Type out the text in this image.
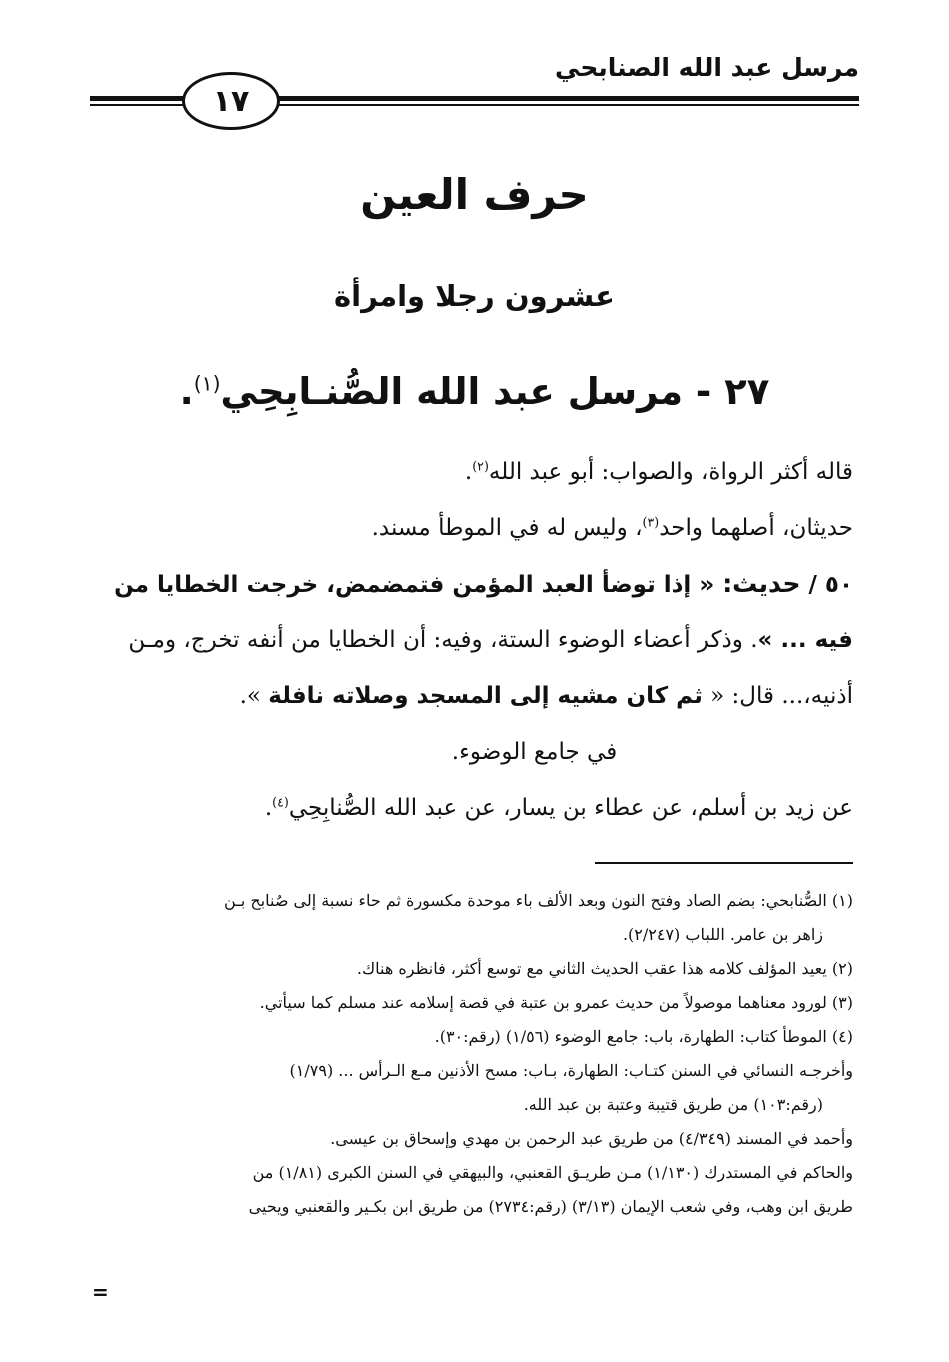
مرسل عبد الله الصنابحي
١٧
حرف العين
عشرون رجلا وامرأة
٢٧ - مرسل عبد الله الصُّنـابِحِي$^{(١)}$.
قاله أكثر الرواة، والصواب: أبو عبد الله$^{(٢)}$.
حديثان، أصلهما واحد$^{(٣)}$، وليس له في الموطأ مسند.
٥٠ / حديث: « إذا توضأ العبد المؤمن فتمضمض، خرجت الخطايا من
فيه ... ». وذكر أعضاء الوضوء الستة، وفيه: أن الخطايا من أنفه تخرج، ومـن
أذنيه،... قال: « ثم كان مشيه إلى المسجد وصلاته نافلة ».
في جامع الوضوء.
عن زيد بن أسلم، عن عطاء بن يسار، عن عبد الله الصُّنابِحِي$^{(٤)}$.
(١) الصُّنابحي: بضم الصاد وفتح النون وبعد الألف باء موحدة مكسورة ثم حاء نسبة إلى صُنابح بـن
زاهر بن عامر. اللباب (٢/٢٤٧).
(٢) يعيد المؤلف كلامه هذا عقب الحديث الثاني مع توسع أكثر، فانظره هناك.
(٣) لورود معناهما موصولاً من حديث عمرو بن عتبة في قصة إسلامه عند مسلم كما سيأتي.
(٤) الموطأ كتاب: الطهارة، باب: جامع الوضوء (١/٥٦) (رقم:٣٠).
وأخرجـه النسائي في السنن كتـاب: الطهارة، بـاب: مسح الأذنين مـع الـرأس ... (١/٧٩)
(رقم:١٠٣) من طريق قتيبة وعتبة بن عبد الله.
وأحمد في المسند (٤/٣٤٩) من طريق عبد الرحمن بن مهدي وإسحاق بن عيسى.
والحاكم في المستدرك (١/١٣٠) مـن طريـق القعنبي، والبيهقي في السنن الكبرى (١/٨١) من
طريق ابن وهب، وفي شعب الإيمان (٣/١٣) (رقم:٢٧٣٤) من طريق ابن بكـير والقعنبي ويحيى
=
